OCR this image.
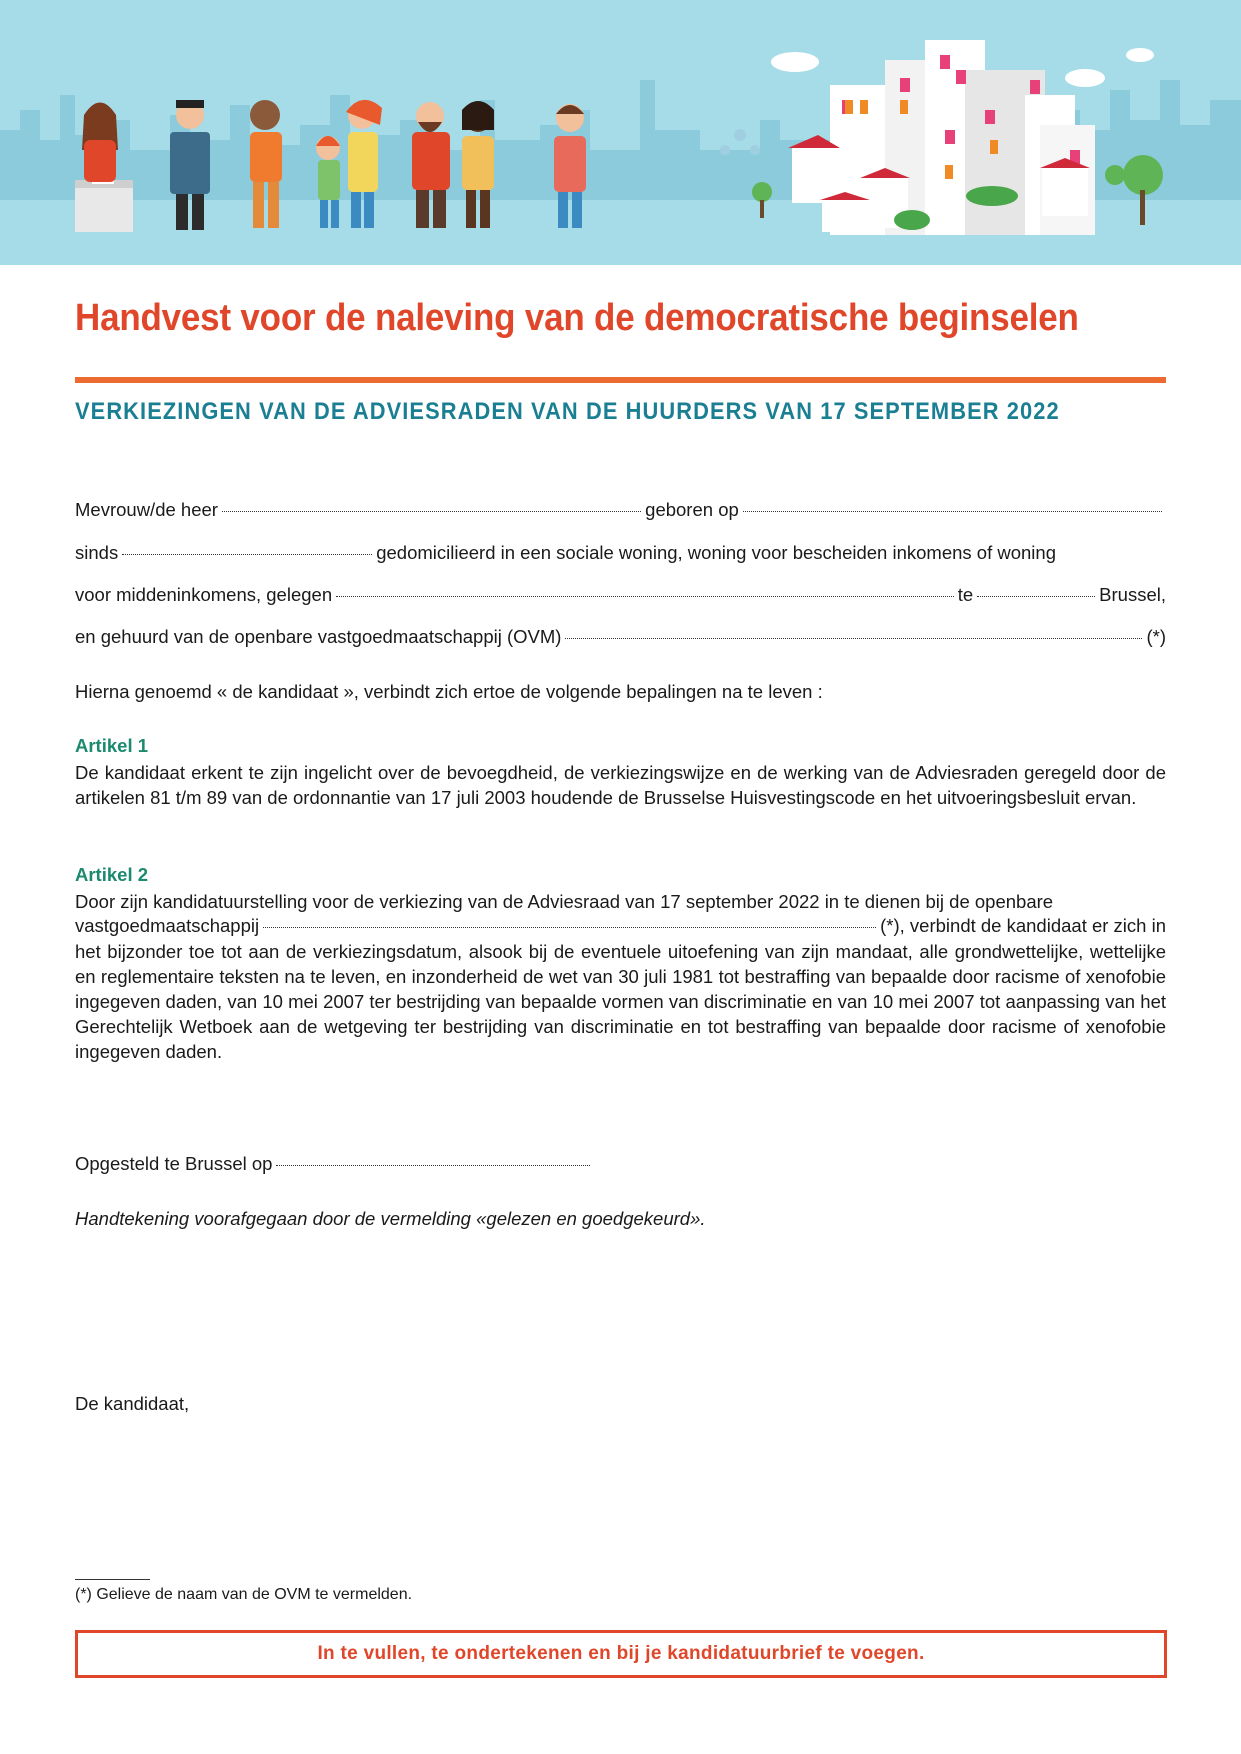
Handvest voor de naleving van de democratische beginselen
VERKIEZINGEN VAN DE ADVIESRADEN VAN DE HUURDERS VAN 17 SEPTEMBER 2022
Mevrouw/de heer	geboren op
sinds	gedomicilieerd in een sociale woning, woning voor bescheiden inkomens of woning
voor middeninkomens, gelegen	te	Brussel,
en gehuurd van de openbare vastgoedmaatschappij (OVM)	(*)
Hierna genoemd « de kandidaat », verbindt zich ertoe de volgende bepalingen na te leven :
Artikel 1
De kandidaat erkent te zijn ingelicht over de bevoegdheid, de verkiezingswijze en de werking van de Adviesraden geregeld door de artikelen 81 t/m 89 van de ordonnantie van 17 juli 2003 houdende de Brusselse Huisvestingscode en het uitvoeringsbesluit ervan.
Artikel 2
Door zijn kandidatuurstelling voor de verkiezing van de Adviesraad van 17 september 2022 in te dienen bij de openbare
vastgoedmaatschappij	(*), verbindt de kandidaat er zich in
het bijzonder toe tot aan de verkiezingsdatum, alsook bij de eventuele uitoefening van zijn mandaat, alle grondwettelijke, wettelijke en reglementaire teksten na te leven, en inzonderheid de wet van 30 juli 1981 tot bestraffing van bepaalde door racisme of xenofobie ingegeven daden, van 10 mei 2007 ter bestrijding van bepaalde vormen van discriminatie en van 10 mei 2007 tot aanpassing van het Gerechtelijk Wetboek aan de wetgeving ter bestrijding van discriminatie en tot bestraffing van bepaalde door racisme of xenofobie ingegeven daden.
Opgesteld te Brussel op
Handtekening voorafgegaan door de vermelding «gelezen en goedgekeurd».
De kandidaat,
(*) Gelieve de naam van de OVM te vermelden.
In te vullen, te ondertekenen en bij je kandidatuurbrief te voegen.
